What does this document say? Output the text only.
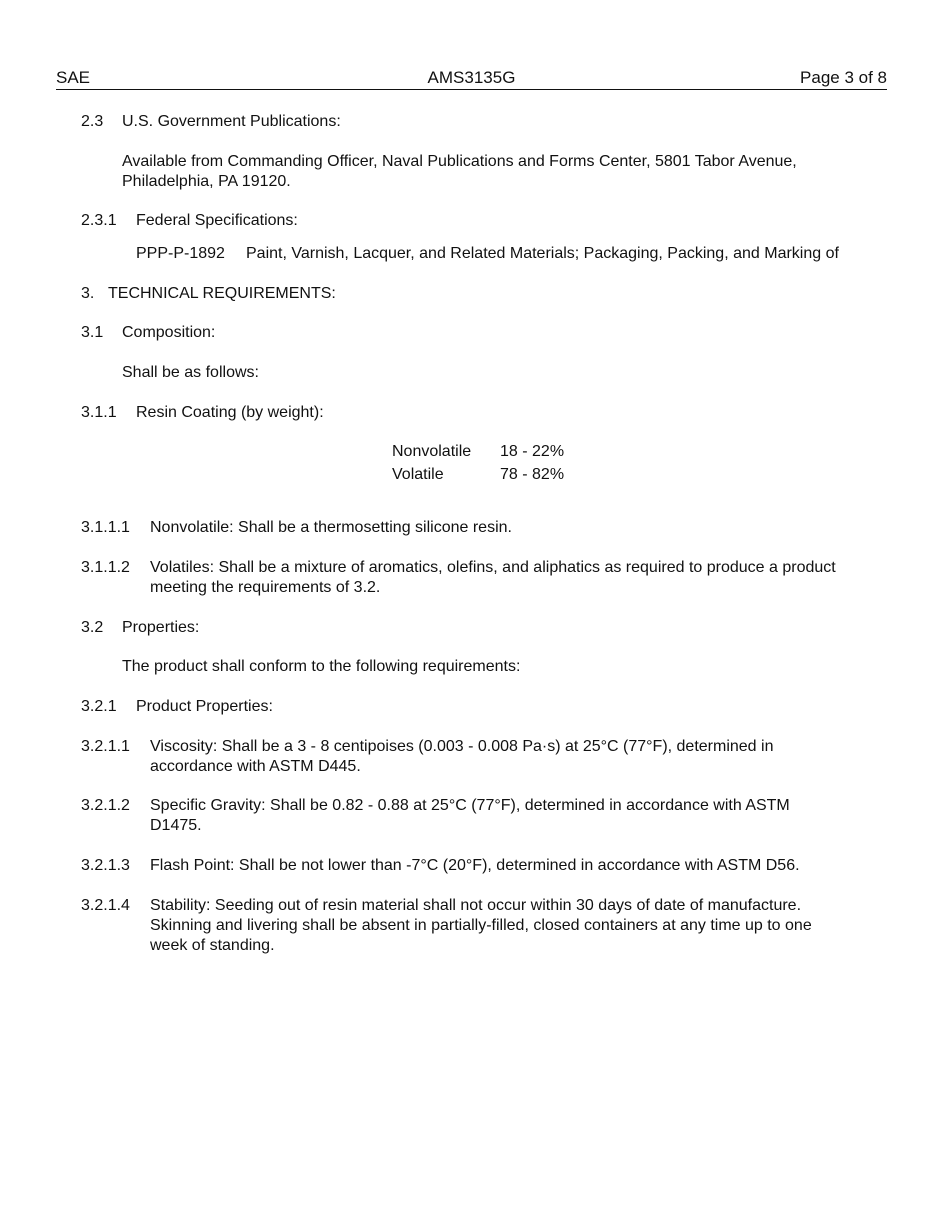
SAE	AMS3135G	Page 3 of 8
2.3 U.S. Government Publications:
Available from Commanding Officer, Naval Publications and Forms Center, 5801 Tabor Avenue,
Philadelphia, PA 19120.
2.3.1 Federal Specifications:
PPP-P-1892 Paint, Varnish, Lacquer, and Related Materials; Packaging, Packing, and Marking of
3. TECHNICAL REQUIREMENTS:
3.1 Composition:
Shall be as follows:
3.1.1 Resin Coating (by weight):
Nonvolatile 18 - 22%
Volatile	78 - 82%
3.1.1.1 Nonvolatile: Shall be a thermosetting silicone resin.
3.1.1.2 Volatiles: Shall be a mixture of aromatics, olefins, and aliphatics as required to produce a product
meeting the requirements of 3.2.
3.2 Properties:
The product shall conform to the following requirements:
3.2.1 Product Properties:
3.2.1.1 Viscosity: Shall be a 3 - 8 centipoises (0.003 - 0.008 Pa·s) at 25°C (77°F), determined in
accordance with ASTM D445.
3.2.1.2 Specific Gravity: Shall be 0.82 - 0.88 at 25°C (77°F), determined in accordance with ASTM
D1475.
3.2.1.3 Flash Point: Shall be not lower than -7°C (20°F), determined in accordance with ASTM D56.
3.2.1.4 Stability: Seeding out of resin material shall not occur within 30 days of date of manufacture.
Skinning and livering shall be absent in partially-filled, closed containers at any time up to one
week of standing.
